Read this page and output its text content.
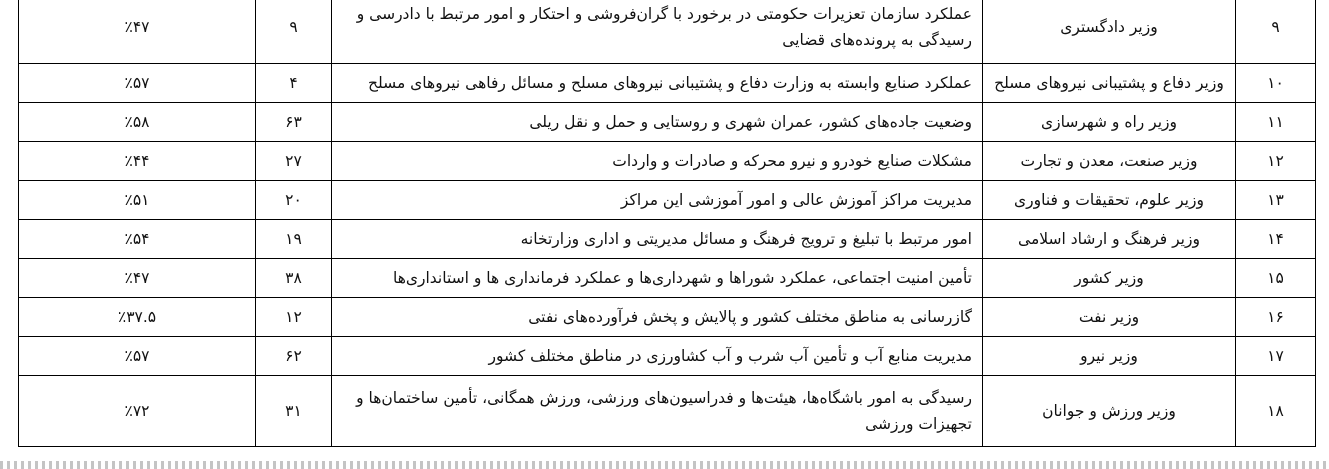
۹	وزیر دادگستری	عملکرد سازمان تعزیرات حکومتی در برخورد با گران‌فروشی و احتکار و امور مرتبط با دادرسی و رسیدگی به پرونده‌های قضایی	۹	٪۴۷
۱۰	وزیر دفاع و پشتیبانی نیروهای مسلح	عملکرد صنایع وابسته به وزارت دفاع و پشتیبانی نیروهای مسلح و مسائل رفاهی نیروهای مسلح	۴	٪۵۷
۱۱	وزیر راه و شهرسازی	وضعیت جاده‌های کشور، عمران شهری و روستایی و حمل و نقل ریلی	۶۳	٪۵۸
۱۲	وزیر صنعت، معدن و تجارت	مشکلات صنایع خودرو و نیرو محرکه و صادرات و واردات	۲۷	٪۴۴
۱۳	وزیر علوم، تحقیقات و فناوری	مدیریت مراکز آموزش عالی و امور آموزشی این مراکز	۲۰	٪۵۱
۱۴	وزیر فرهنگ و ارشاد اسلامی	امور مرتبط با تبلیغ و ترویج فرهنگ و مسائل مدیریتی و اداری وزارتخانه	۱۹	٪۵۴
۱۵	وزیر کشور	تأمین امنیت اجتماعی، عملکرد شوراها و شهرداری‌ها و عملکرد فرمانداری ها و استانداری‌ها	۳۸	٪۴۷
۱۶	وزیر نفت	گازرسانی به مناطق مختلف کشور و پالایش و پخش فرآورده‌های نفتی	۱۲	٪۳۷.۵
۱۷	وزیر نیرو	مدیریت منابع آب و تأمین آب شرب و آب کشاورزی در مناطق مختلف کشور	۶۲	٪۵۷
۱۸	وزیر ورزش و جوانان	رسیدگی به امور باشگاه‌ها، هیئت‌ها و فدراسیون‌های ورزشی، ورزش همگانی، تأمین ساختمان‌ها و تجهیزات ورزشی	۳۱	٪۷۲
